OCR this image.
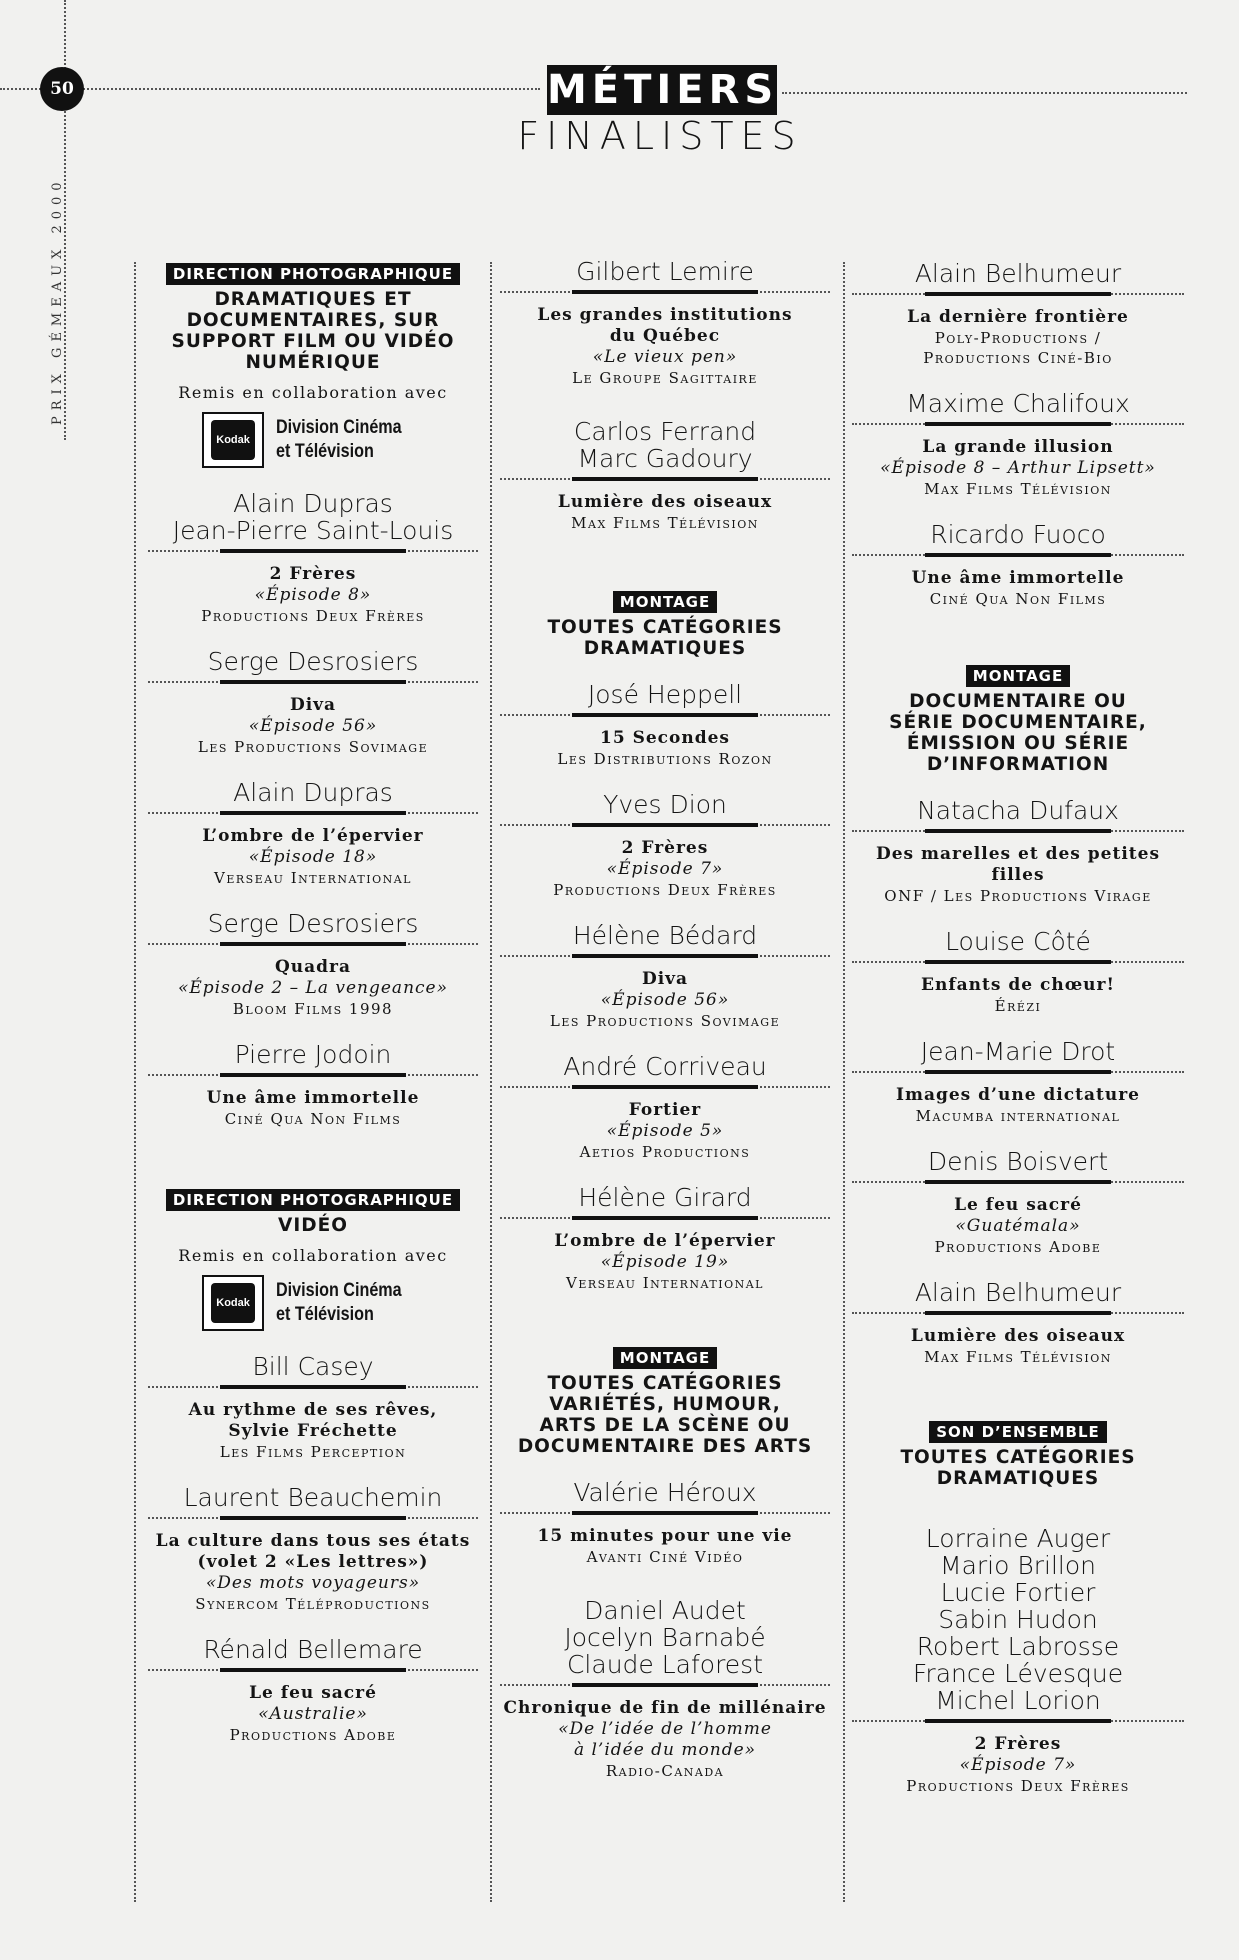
50
PRIX GÉMEAUX 2000
MÉTIERS
FINALISTES
DIRECTION PHOTOGRAPHIQUE
DRAMATIQUES ET DOCUMENTAIRES, SUR SUPPORT FILM OU VIDÉO NUMÉRIQUE
Remis en collaboration avec
Kodak
Division Cinéma
et Télévision
Alain Dupras
Jean-Pierre Saint-Louis
2 Frères
«Épisode 8»
Productions Deux Frères
Serge Desrosiers
Diva
«Épisode 56»
Les Productions Sovimage
Alain Dupras
L’ombre de l’épervier
«Épisode 18»
Verseau International
Serge Desrosiers
Quadra
«Épisode 2 – La vengeance»
Bloom Films 1998
Pierre Jodoin
Une âme immortelle
Ciné Qua Non Films
DIRECTION PHOTOGRAPHIQUE
VIDÉO
Remis en collaboration avec
Kodak
Division Cinéma
et Télévision
Bill Casey
Au rythme de ses rêves,
Sylvie Fréchette
Les Films Perception
Laurent Beauchemin
La culture dans tous ses états
(volet 2 «Les lettres»)
«Des mots voyageurs»
Synercom Téléproductions
Rénald Bellemare
Le feu sacré
«Australie»
Productions Adobe
Gilbert Lemire
Les grandes institutions
du Québec
«Le vieux pen»
Le Groupe Sagittaire
Carlos Ferrand
Marc Gadoury
Lumière des oiseaux
Max Films Télévision
MONTAGE
TOUTES CATÉGORIES
DRAMATIQUES
José Heppell
15 Secondes
Les Distributions Rozon
Yves Dion
2 Frères
«Épisode 7»
Productions Deux Frères
Hélène Bédard
Diva
«Épisode 56»
Les Productions Sovimage
André Corriveau
Fortier
«Épisode 5»
Aetios Productions
Hélène Girard
L’ombre de l’épervier
«Épisode 19»
Verseau International
MONTAGE
TOUTES CATÉGORIES
VARIÉTÉS, HUMOUR,
ARTS DE LA SCÈNE OU
DOCUMENTAIRE DES ARTS
Valérie Héroux
15 minutes pour une vie
Avanti Ciné Vidéo
Daniel Audet
Jocelyn Barnabé
Claude Laforest
Chronique de fin de millénaire
«De l’idée de l’homme
à l’idée du monde»
Radio-Canada
Alain Belhumeur
La dernière frontière
Poly-Productions /
Productions Ciné-Bio
Maxime Chalifoux
La grande illusion
«Épisode 8 – Arthur Lipsett»
Max Films Télévision
Ricardo Fuoco
Une âme immortelle
Ciné Qua Non Films
MONTAGE
DOCUMENTAIRE OU
SÉRIE DOCUMENTAIRE,
ÉMISSION OU SÉRIE
D’INFORMATION
Natacha Dufaux
Des marelles et des petites filles
ONF / Les Productions Virage
Louise Côté
Enfants de chœur!
Érézi
Jean-Marie Drot
Images d’une dictature
Macumba international
Denis Boisvert
Le feu sacré
«Guatémala»
Productions Adobe
Alain Belhumeur
Lumière des oiseaux
Max Films Télévision
SON D’ENSEMBLE
TOUTES CATÉGORIES
DRAMATIQUES
Lorraine Auger
Mario Brillon
Lucie Fortier
Sabin Hudon
Robert Labrosse
France Lévesque
Michel Lorion
2 Frères
«Épisode 7»
Productions Deux Frères
